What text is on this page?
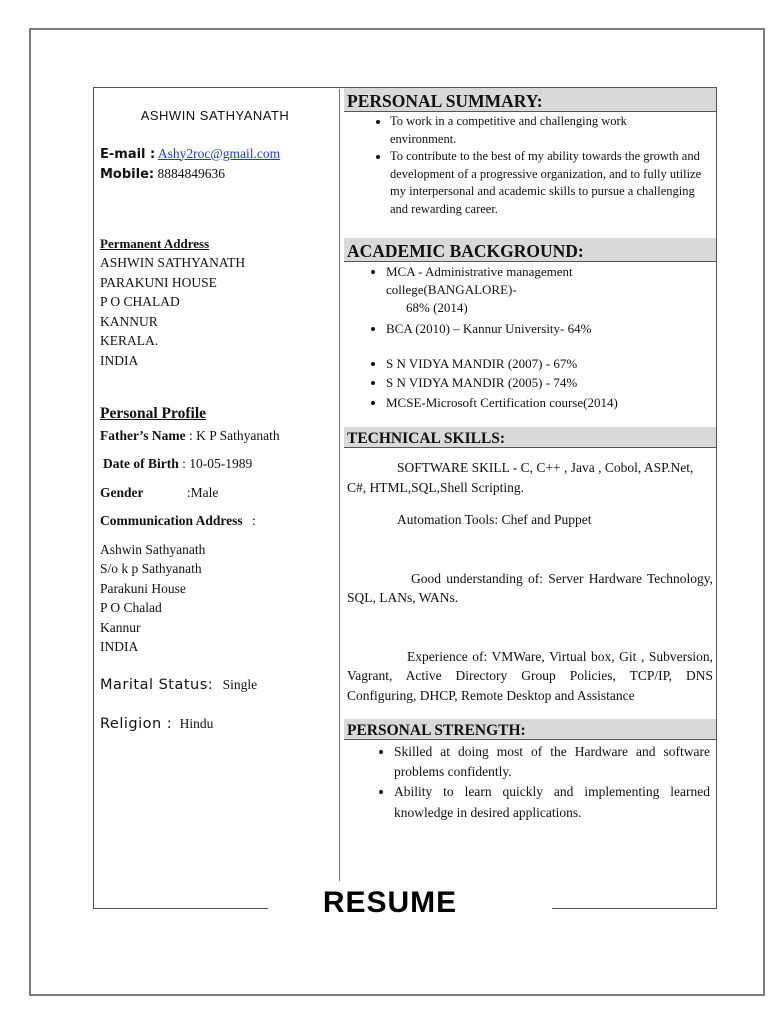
RESUME
ASHWIN SATHYANATH
E-mail : Ashy2roc@gmail.com
Mobile: 8884849636
Permanent Address
ASHWIN SATHYANATH
PARAKUNI HOUSE
P O CHALAD
KANNUR
KERALA.
INDIA
Personal Profile
Father’s Name : K P Sathyanath
Date of Birth : 10-05-1989
Gender	:Male
Communication Address :
Ashwin Sathyanath
S/o k p Sathyanath
Parakuni House
P O Chalad
Kannur
INDIA
Marital Status: Single
Religion : Hindu
PERSONAL SUMMARY:
• To work in a competitive and challenging work environment.
• To contribute to the best of my ability towards the growth and development of a progressive organization, and to fully utilize my interpersonal and academic skills to pursue a challenging and rewarding career.
ACADEMIC BACKGROUND:
• MCA - Administrative management college(BANGALORE)-
68% (2014)
• BCA (2010) – Kannur University- 64%
• S N VIDYA MANDIR (2007) - 67%
• S N VIDYA MANDIR (2005) - 74%
• MCSE-Microsoft Certification course(2014)
TECHNICAL SKILLS:
SOFTWARE SKILL - C, C++ , Java , Cobol, ASP.Net, C#, HTML,SQL,Shell Scripting.
Automation Tools: Chef and Puppet
Good understanding of: Server Hardware Technology, SQL, LANs, WANs.
Experience of: VMWare, Virtual box, Git , Subversion, Vagrant, Active Directory Group Policies, TCP/IP, DNS Configuring, DHCP, Remote Desktop and Assistance
PERSONAL STRENGTH:
• Skilled at doing most of the Hardware and software problems confidently.
• Ability to learn quickly and implementing learned knowledge in desired applications.
